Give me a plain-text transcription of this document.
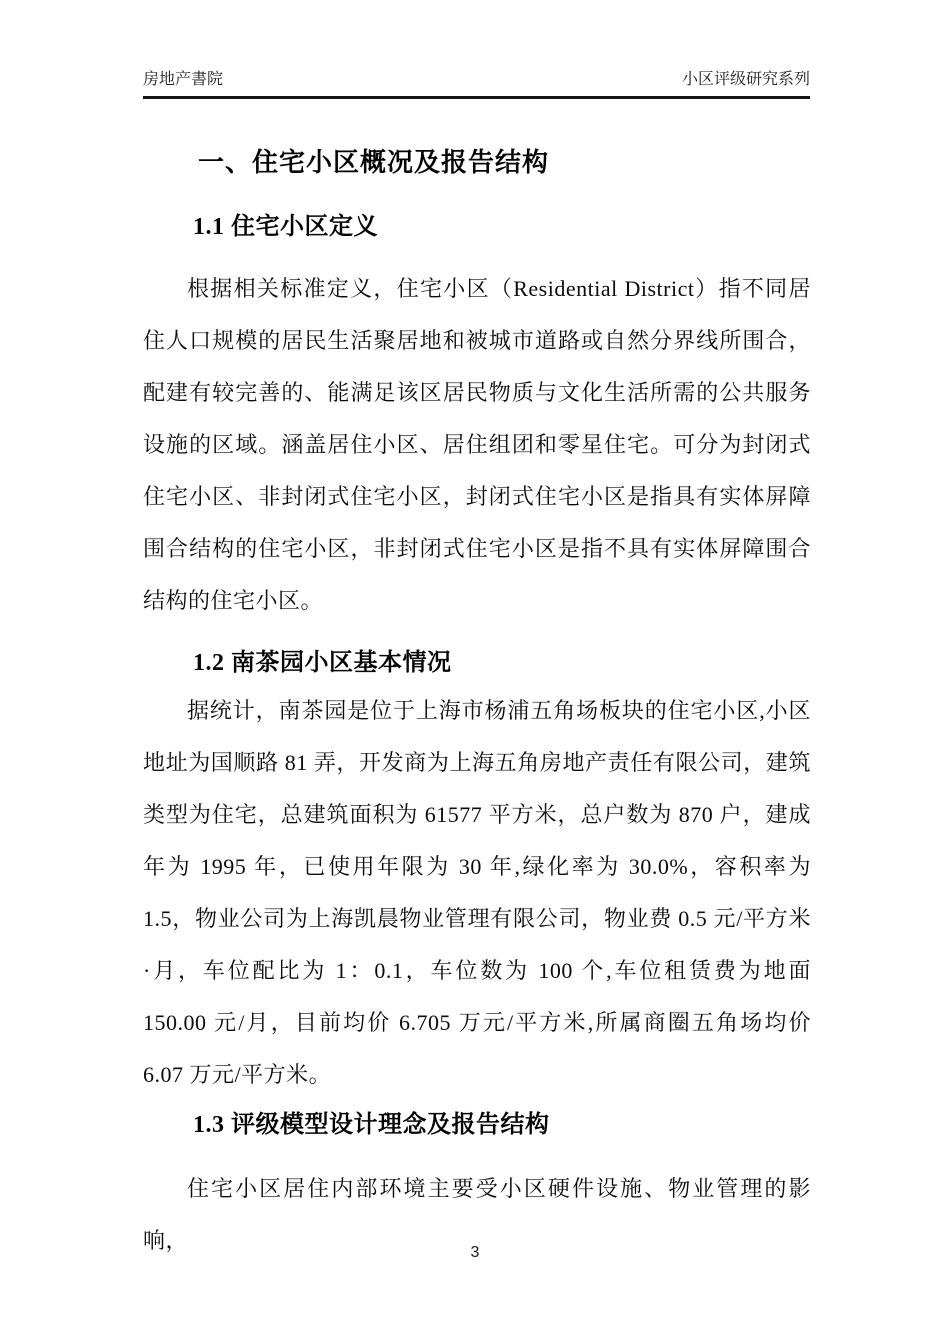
房地产書院	小区评级研究系列
一、住宅小区概况及报告结构
1.1 住宅小区定义

根据相关标准定义，住宅小区（Residential District）指不同居住人口规模的居民生活聚居地和被城市道路或自然分界线所围合，配建有较完善的、能满足该区居民物质与文化生活所需的公共服务设施的区域。涵盖居住小区、居住组团和零星住宅。可分为封闭式住宅小区、非封闭式住宅小区，封闭式住宅小区是指具有实体屏障围合结构的住宅小区，非封闭式住宅小区是指不具有实体屏障围合结构的住宅小区。

1.2 南茶园小区基本情况

据统计，南茶园是位于上海市杨浦五角场板块的住宅小区,小区地址为国顺路 81 弄，开发商为上海五角房地产责任有限公司，建筑类型为住宅，总建筑面积为 61577 平方米，总户数为 870 户，建成年为 1995 年，已使用年限为 30 年,绿化率为 30.0%，容积率为 1.5，物业公司为上海凯晨物业管理有限公司，物业费 0.5 元/平方米·月，车位配比为 1：0.1，车位数为 100 个,车位租赁费为地面 150.00 元/月，目前均价 6.705 万元/平方米,所属商圈五角场均价 6.07 万元/平方米。

1.3 评级模型设计理念及报告结构

住宅小区居住内部环境主要受小区硬件设施、物业管理的影响，	3
